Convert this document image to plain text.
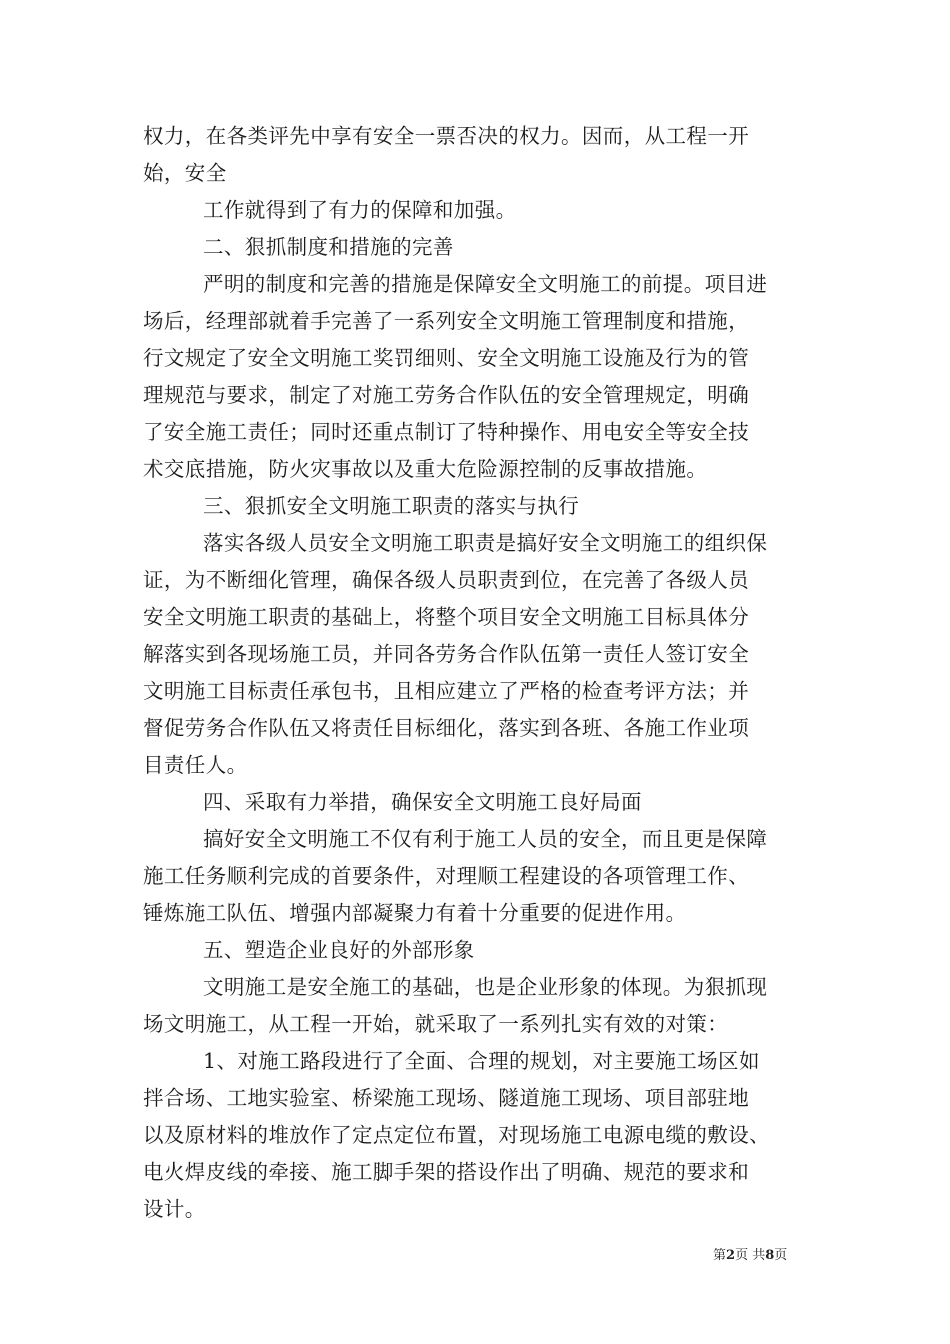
权力，在各类评先中享有安全一票否决的权力。因而，从工程一开
始，安全
工作就得到了有力的保障和加强。
二、狠抓制度和措施的完善
严明的制度和完善的措施是保障安全文明施工的前提。项目进
场后，经理部就着手完善了一系列安全文明施工管理制度和措施，
行文规定了安全文明施工奖罚细则、安全文明施工设施及行为的管
理规范与要求，制定了对施工劳务合作队伍的安全管理规定，明确
了安全施工责任；同时还重点制订了特种操作、用电安全等安全技
术交底措施，防火灾事故以及重大危险源控制的反事故措施。
三、狠抓安全文明施工职责的落实与执行
落实各级人员安全文明施工职责是搞好安全文明施工的组织保
证，为不断细化管理，确保各级人员职责到位，在完善了各级人员
安全文明施工职责的基础上，将整个项目安全文明施工目标具体分
解落实到各现场施工员，并同各劳务合作队伍第一责任人签订安全
文明施工目标责任承包书，且相应建立了严格的检查考评方法；并
督促劳务合作队伍又将责任目标细化，落实到各班、各施工作业项
目责任人。
四、采取有力举措，确保安全文明施工良好局面
搞好安全文明施工不仅有利于施工人员的安全，而且更是保障
施工任务顺利完成的首要条件，对理顺工程建设的各项管理工作、
锤炼施工队伍、增强内部凝聚力有着十分重要的促进作用。
五、塑造企业良好的外部形象
文明施工是安全施工的基础，也是企业形象的体现。为狠抓现
场文明施工，从工程一开始，就采取了一系列扎实有效的对策：
1、对施工路段进行了全面、合理的规划，对主要施工场区如
拌合场、工地实验室、桥梁施工现场、隧道施工现场、项目部驻地
以及原材料的堆放作了定点定位布置，对现场施工电源电缆的敷设、
电火焊皮线的牵接、施工脚手架的搭设作出了明确、规范的要求和
设计。
第2页 共8页
